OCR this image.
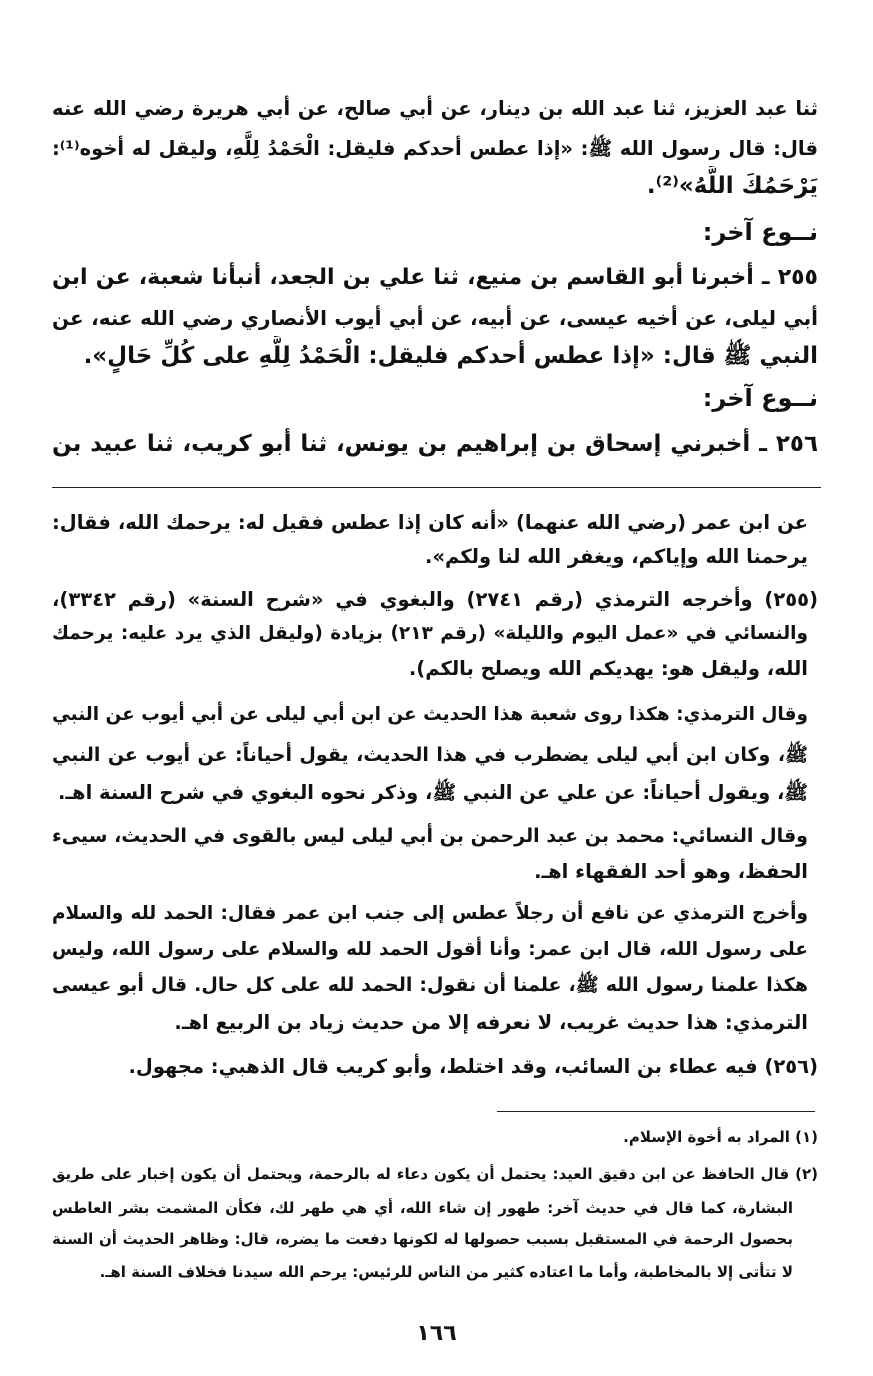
ثنا عبد العزيز، ثنا عبد الله بن دينار، عن أبي صالح، عن أبي هريرة رضي الله عنه
قال: قال رسول الله ﷺ: «إذا عطس أحدكم فليقل: الْحَمْدُ لِلَّهِ، وليقل له أخوه⁽¹⁾:
يَرْحَمُكَ اللَّهُ»⁽²⁾.
نــوع آخر:
٢٥٥ ـ أخبرنا أبو القاسم بن منيع، ثنا علي بن الجعد، أنبأنا شعبة، عن ابن
أبي ليلى، عن أخيه عيسى، عن أبيه، عن أبي أيوب الأنصاري رضي الله عنه، عن
النبي ﷺ قال: «إذا عطس أحدكم فليقل: الْحَمْدُ لِلَّهِ على كُلِّ حَالٍ».
نــوع آخر:
٢٥٦ ـ أخبرني إسحاق بن إبراهيم بن يونس، ثنا أبو كريب، ثنا عبيد بن
عن ابن عمر (رضي الله عنهما) «أنه كان إذا عطس فقيل له: يرحمك الله، فقال:
يرحمنا الله وإياكم، ويغفر الله لنا ولكم».
(٢٥٥) وأخرجه الترمذي (رقم ٢٧٤١) والبغوي في «شرح السنة» (رقم ٣٣٤٢)،
والنسائي في «عمل اليوم والليلة» (رقم ٢١٣) بزيادة (وليقل الذي يرد عليه: يرحمك
الله، وليقل هو: يهديكم الله ويصلح بالكم).
وقال الترمذي: هكذا روى شعبة هذا الحديث عن ابن أبي ليلى عن أبي أيوب عن النبي
ﷺ، وكان ابن أبي ليلى يضطرب في هذا الحديث، يقول أحياناً: عن أيوب عن النبي
ﷺ، ويقول أحياناً: عن علي عن النبي ﷺ، وذكر نحوه البغوي في شرح السنة اهـ.
وقال النسائي: محمد بن عبد الرحمن بن أبي ليلى ليس بالقوى في الحديث، سيىء
الحفظ، وهو أحد الفقهاء اهـ.
وأخرج الترمذي عن نافع أن رجلاً عطس إلى جنب ابن عمر فقال: الحمد لله والسلام
على رسول الله، قال ابن عمر: وأنا أقول الحمد لله والسلام على رسول الله، وليس
هكذا علمنا رسول الله ﷺ، علمنا أن نقول: الحمد لله على كل حال. قال أبو عيسى
الترمذي: هذا حديث غريب، لا نعرفه إلا من حديث زياد بن الربيع اهـ.
(٢٥٦) فيه عطاء بن السائب، وقد اختلط، وأبو كريب قال الذهبي: مجهول.
(١) المراد به أخوة الإسلام.
(٢) قال الحافظ عن ابن دقيق العيد: يحتمل أن يكون دعاء له بالرحمة، ويحتمل أن يكون إخبار على طريق
البشارة، كما قال في حديث آخر: طهور إن شاء الله، أي هي طهر لك، فكأن المشمت بشر العاطس
بحصول الرحمة في المستقبل بسبب حصولها له لكونها دفعت ما يضره، قال: وظاهر الحديث أن السنة
لا تتأتى إلا بالمخاطبة، وأما ما اعتاده كثير من الناس للرئيس: يرحم الله سيدنا فخلاف السنة اهـ.
١٦٦
